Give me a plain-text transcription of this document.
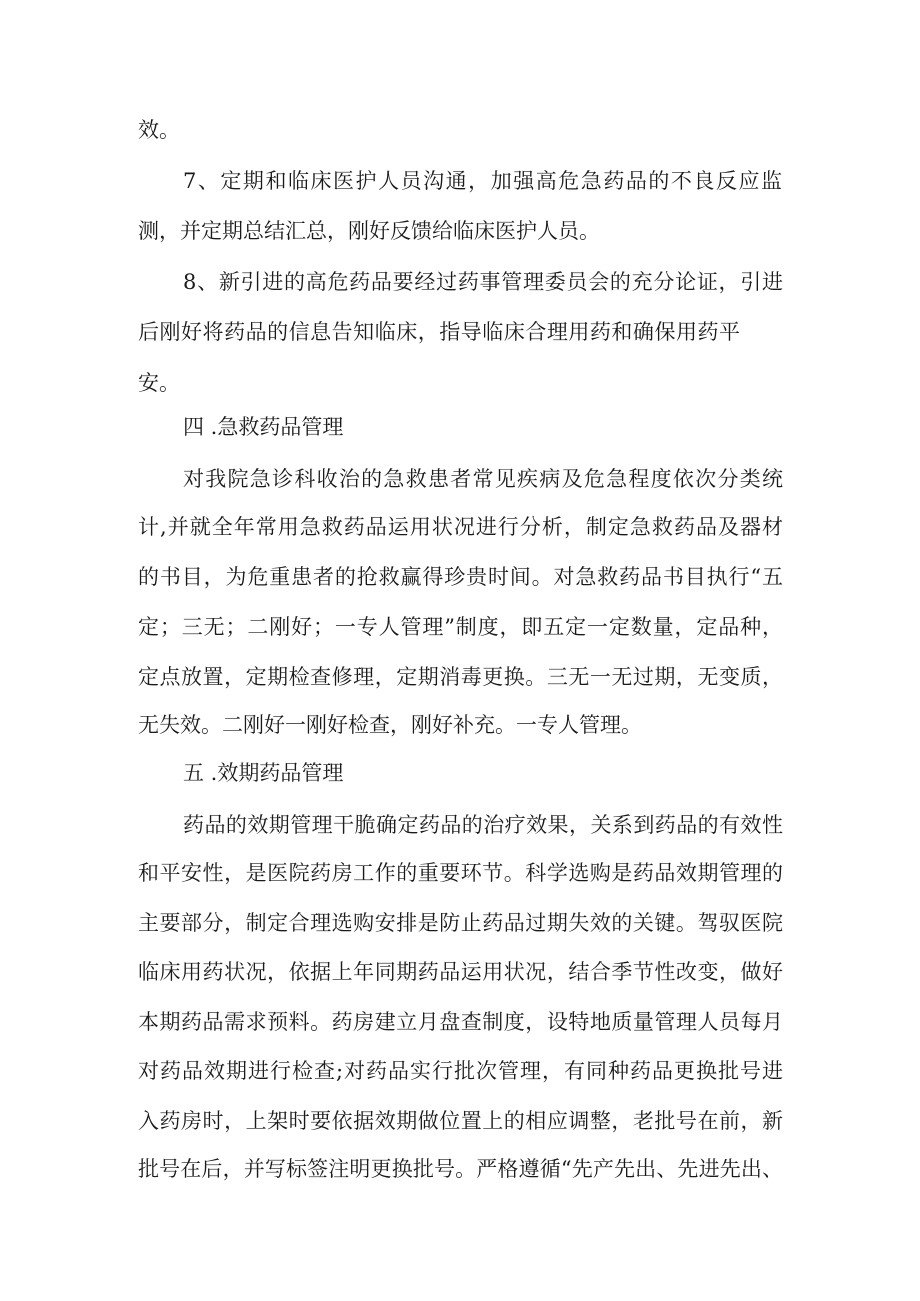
效。
7、定期和临床医护人员沟通，加强高危急药品的不良反应监
测，并定期总结汇总，刚好反馈给临床医护人员。
8、新引进的高危药品要经过药事管理委员会的充分论证，引进
后刚好将药品的信息告知临床，指导临床合理用药和确保用药平
安。
四 .急救药品管理
对我院急诊科收治的急救患者常见疾病及危急程度依次分类统
计,并就全年常用急救药品运用状况进行分析，制定急救药品及器材
的书目，为危重患者的抢救赢得珍贵时间。对急救药品书目执行“五
定；三无；二刚好；一专人管理”制度，即五定一定数量，定品种，
定点放置，定期检查修理，定期消毒更换。三无一无过期，无变质，
无失效。二刚好一刚好检查，刚好补充。一专人管理。
五 .效期药品管理
药品的效期管理干脆确定药品的治疗效果，关系到药品的有效性
和平安性，是医院药房工作的重要环节。科学选购是药品效期管理的
主要部分，制定合理选购安排是防止药品过期失效的关键。驾驭医院
临床用药状况，依据上年同期药品运用状况，结合季节性改变，做好
本期药品需求预料。药房建立月盘查制度，设特地质量管理人员每月
对药品效期进行检查;对药品实行批次管理，有同种药品更换批号进
入药房时，上架时要依据效期做位置上的相应调整，老批号在前，新
批号在后，并写标签注明更换批号。严格遵循“先产先出、先进先出、
